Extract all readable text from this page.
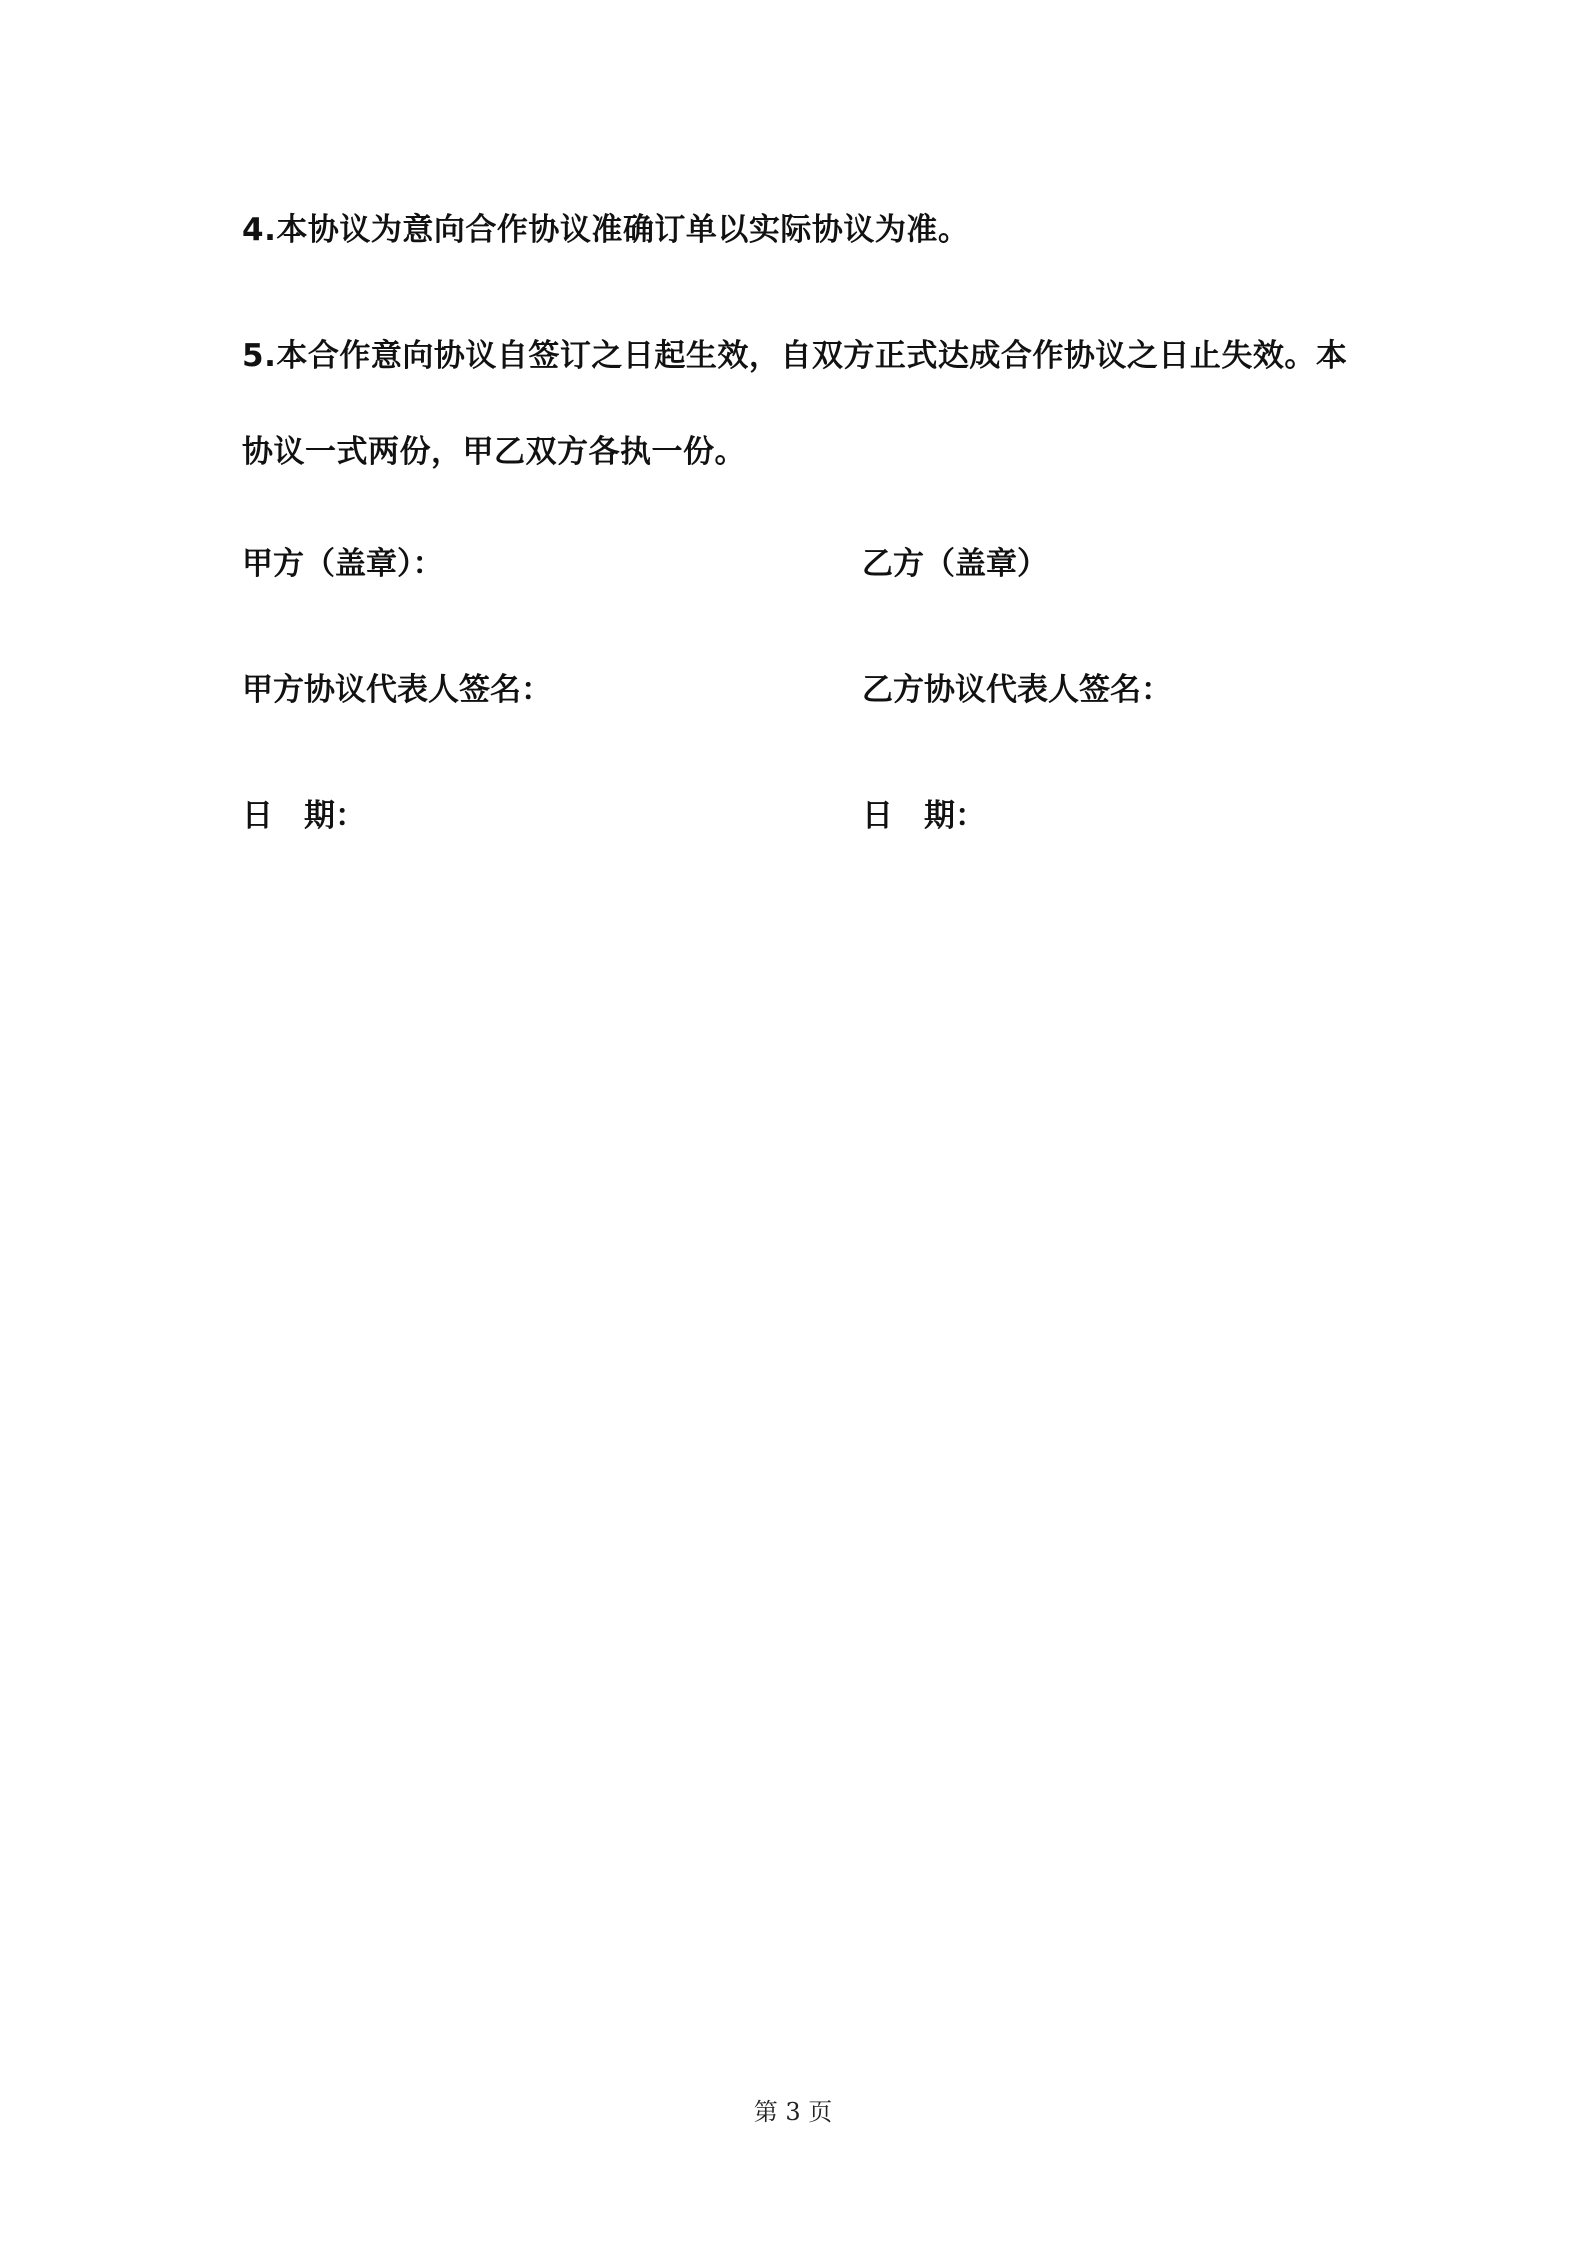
4.本协议为意向合作协议准确订单以实际协议为准。

5.本合作意向协议自签订之日起生效，自双方正式达成合作协议之日止失效。本协议一式两份，甲乙双方各执一份。

甲方（盖章）：	乙方（盖章）
甲方协议代表人签名：	乙方协议代表人签名：
日　期：	日　期：
第 3 页
